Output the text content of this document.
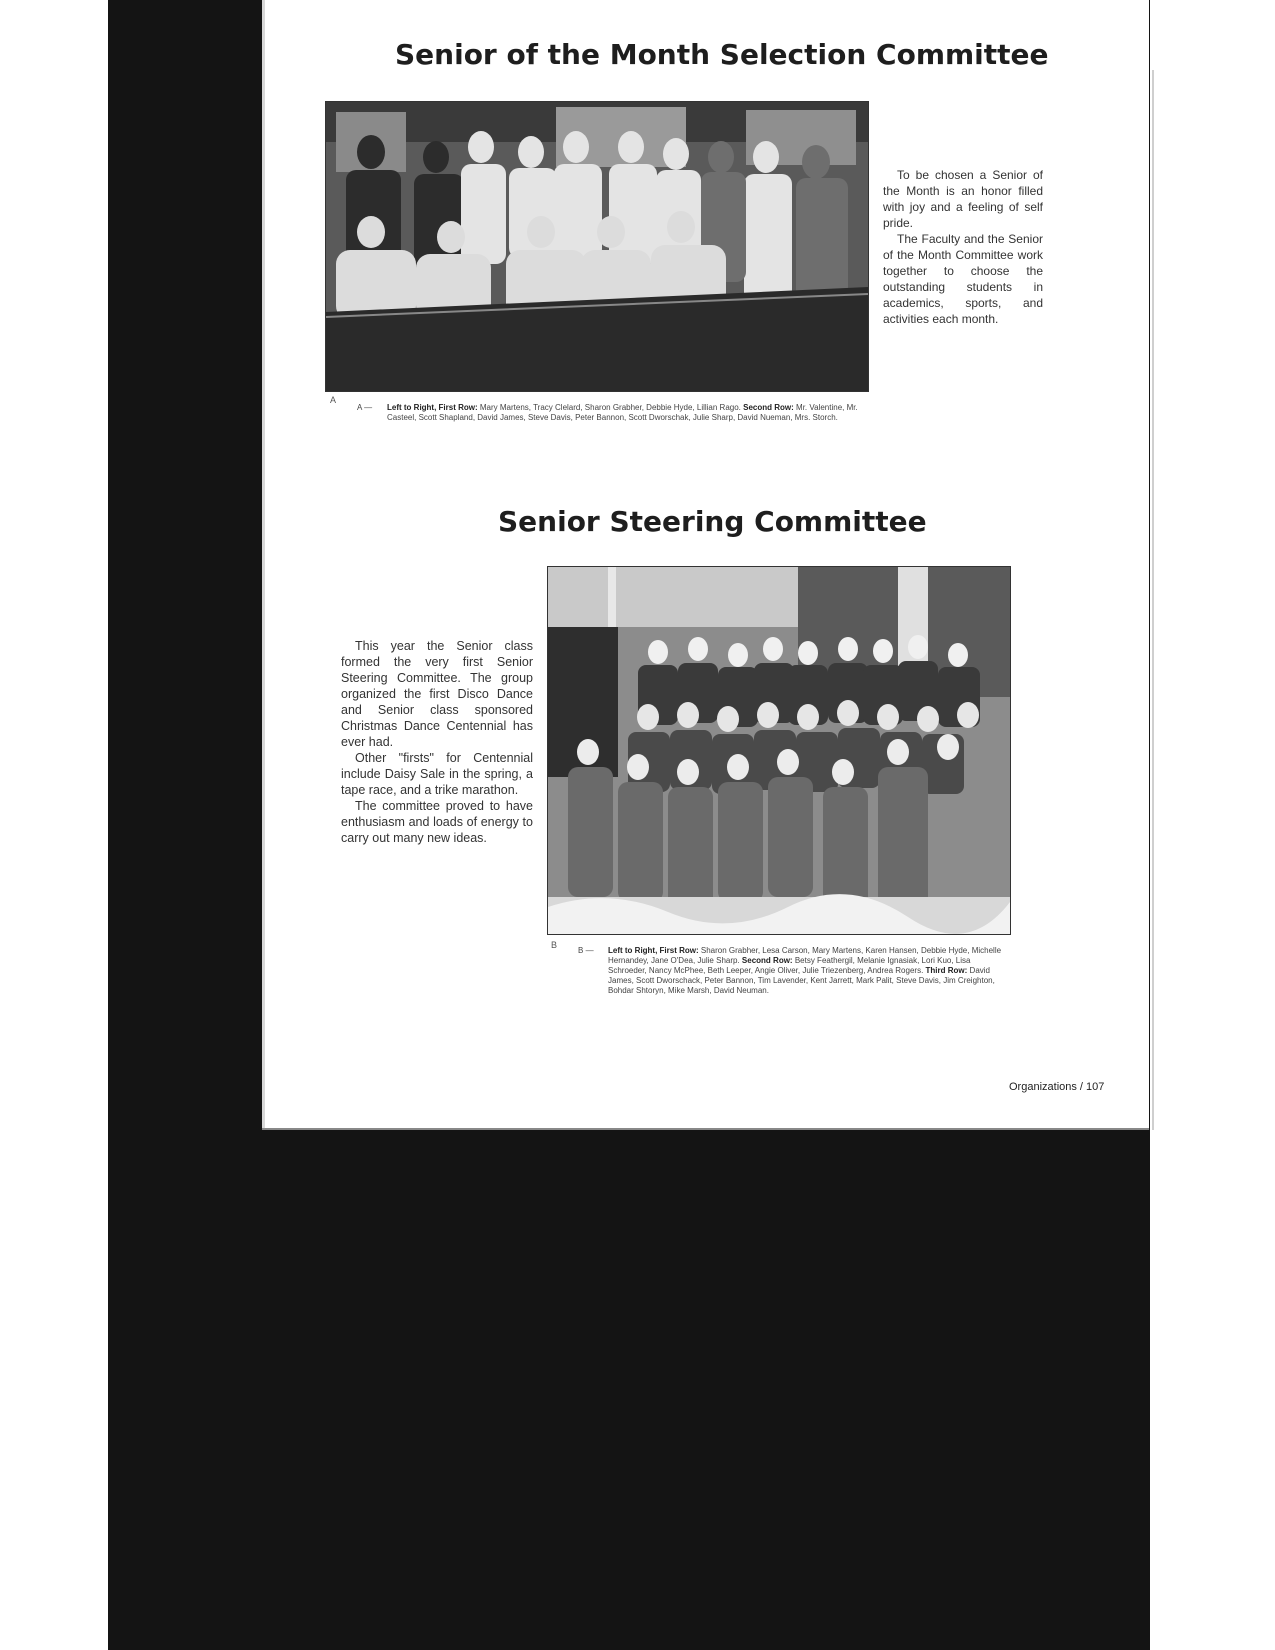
Senior of the Month Selection Committee
A
A — Left to Right, First Row: Mary Martens, Tracy Clelard, Sharon Grabher, Debbie Hyde, Lillian Rago. Second Row: Mr. Valentine, Mr. Casteel, Scott Shapland, David James, Steve Davis, Peter Bannon, Scott Dworschak, Julie Sharp, David Nueman, Mrs. Storch.

To be chosen a Senior of the Month is an honor filled with joy and a feeling of self pride.

The Faculty and the Senior of the Month Committee work together to choose the outstanding students in academics, sports, and activities each month.

Senior Steering Committee

This year the Senior class formed the very first Senior Steering Committee. The group organized the first Disco Dance and Senior class sponsored Christmas Dance Centennial has ever had.

Other "firsts" for Centennial include Daisy Sale in the spring, a tape race, and a trike marathon.

The committee proved to have enthusiasm and loads of energy to carry out many new ideas.

B
B — Left to Right, First Row: Sharon Grabher, Lesa Carson, Mary Martens, Karen Hansen, Debbie Hyde, Michelle Hernandey, Jane O'Dea, Julie Sharp. Second Row: Betsy Feathergil, Melanie Ignasiak, Lori Kuo, Lisa Schroeder, Nancy McPhee, Beth Leeper, Angie Oliver, Julie Triezenberg, Andrea Rogers. Third Row: David James, Scott Dworschack, Peter Bannon, Tim Lavender, Kent Jarrett, Mark Palit, Steve Davis, Jim Creighton, Bohdar Shtoryn, Mike Marsh, David Neuman.

Organizations / 107
